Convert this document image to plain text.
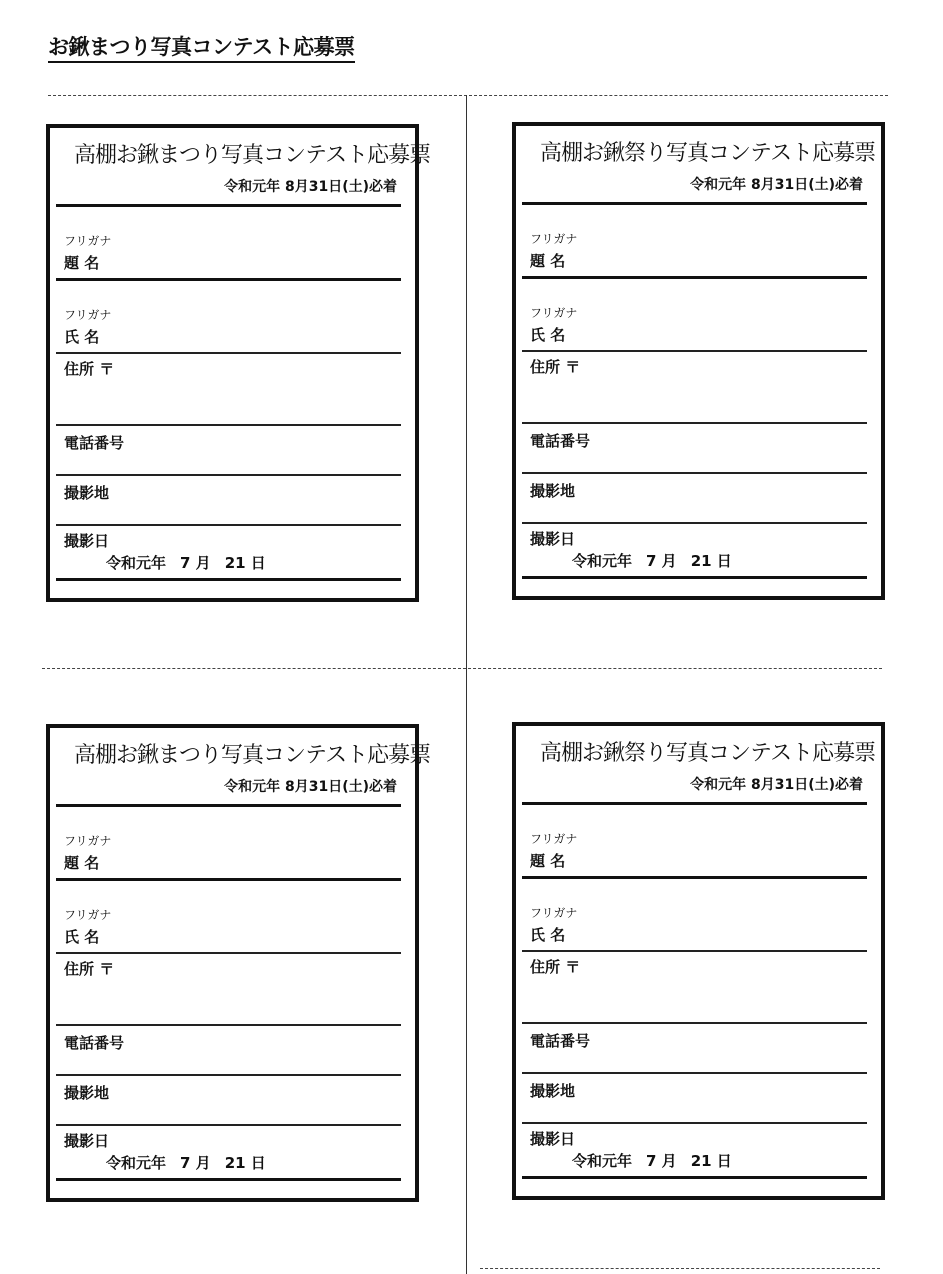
お鍬まつり写真コンテスト応募票
高棚お鍬まつり写真コンテスト応募票
令和元年 8月31日(土)必着
フリガナ
題 名
フリガナ
氏 名
住所 〒
電話番号
撮影地
撮影日
令和元年 7 月 21 日
高棚お鍬祭り写真コンテスト応募票
令和元年 8月31日(土)必着
フリガナ
題 名
フリガナ
氏 名
住所 〒
電話番号
撮影地
撮影日
令和元年 7 月 21 日
高棚お鍬まつり写真コンテスト応募票
令和元年 8月31日(土)必着
フリガナ
題 名
フリガナ
氏 名
住所 〒
電話番号
撮影地
撮影日
令和元年 7 月 21 日
高棚お鍬祭り写真コンテスト応募票
令和元年 8月31日(土)必着
フリガナ
題 名
フリガナ
氏 名
住所 〒
電話番号
撮影地
撮影日
令和元年 7 月 21 日
